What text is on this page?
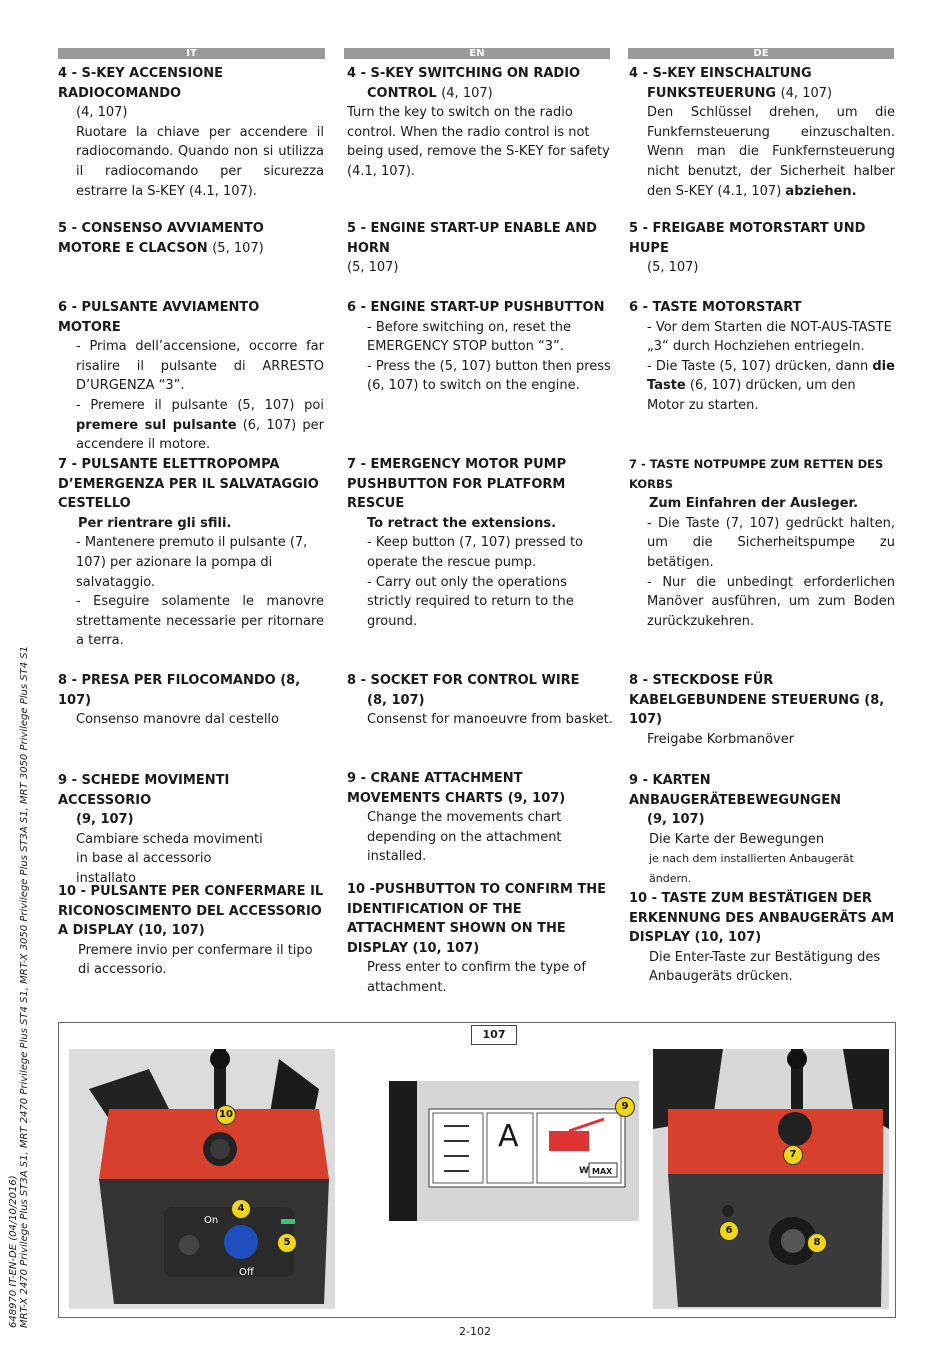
IT	EN	DE

4 - S-KEY ACCENSIONE RADIOCOMANDO

(4, 107)

Ruotare la chiave per accendere il radiocomando. Quando non si utilizza il radiocomando per sicurezza estrarre la S-KEY (4.1, 107).

5 - CONSENSO AVVIAMENTO MOTORE E CLACSON (5, 107)

6 - PULSANTE AVVIAMENTO MOTORE

- Prima dell’accensione, occorre far risalire il pulsante di ARRESTO D’URGENZA “3”.

- Premere il pulsante (5, 107) poi premere sul pulsante (6, 107) per accendere il motore.

7 - PULSANTE ELETTROPOMPA D’EMERGENZA PER IL SALVATAGGIO CESTELLO

Per rientrare gli sfili.

- Mantenere premuto il pulsante (7, 107) per azionare la pompa di salvataggio.

- Eseguire solamente le manovre strettamente necessarie per ritornare a terra.

8 - PRESA PER FILOCOMANDO (8, 107)

Consenso manovre dal cestello

9 - SCHEDE MOVIMENTI ACCESSORIO

(9, 107)

Cambiare scheda movimenti in base al accessorio installato

10 - PULSANTE PER CONFERMARE IL RICONOSCIMENTO DEL ACCESSORIO A DISPLAY (10, 107)

Premere invio per confermare il tipo di accessorio.

4 - S-KEY SWITCHING ON RADIO

CONTROL (4, 107)

Turn the key to switch on the radio control. When the radio control is not being used, remove the S-KEY for safety (4.1, 107).

5 - ENGINE START-UP ENABLE AND HORN

(5, 107)

6 - ENGINE START-UP PUSHBUTTON

- Before switching on, reset the EMERGENCY STOP button “3”.

- Press the (5, 107) button then press (6, 107) to switch on the engine.

7 - EMERGENCY MOTOR PUMP PUSHBUTTON FOR PLATFORM RESCUE

To retract the extensions.

- Keep button (7, 107) pressed to operate the rescue pump.

- Carry out only the operations strictly required to return to the ground.

8 - SOCKET FOR CONTROL WIRE

(8, 107)

Consenst for manoeuvre from basket.

9 - CRANE ATTACHMENT MOVEMENTS CHARTS (9, 107)

Change the movements chart depending on the attachment installed.

10 -PUSHBUTTON TO CONFIRM THE IDENTIFICATION OF THE ATTACHMENT SHOWN ON THE DISPLAY (10, 107)

Press enter to confirm the type of attachment.

4 - S-KEY EINSCHALTUNG

FUNKSTEUERUNG (4, 107)

Den Schlüssel drehen, um die Funkfernsteuerung einzuschalten. Wenn man die Funkfernsteuerung nicht benutzt, der Sicherheit halber den S-KEY (4.1, 107) abziehen.

5 - FREIGABE MOTORSTART UND HUPE

(5, 107)

6 - TASTE MOTORSTART

- Vor dem Starten die NOT-AUS-TASTE „3“ durch Hochziehen entriegeln.

- Die Taste (5, 107) drücken, dann die Taste (6, 107) drücken, um den Motor zu starten.

7 - TASTE NOTPUMPE ZUM RETTEN DES KORBS

Zum Einfahren der Ausleger.

- Die Taste (7, 107) gedrückt halten, um die Sicherheitspumpe zu betätigen.

- Nur die unbedingt erforderlichen Manöver ausführen, um zum Boden zurückzukehren.

8 - STECKDOSE FÜR KABELGEBUNDENE STEUERUNG (8, 107)

Freigabe Korbmanöver

9 - KARTEN ANBAUGERÄTEBEWEGUNGEN

(9, 107)

Die Karte der Bewegungen

je nach dem installierten Anbaugerät ändern.

10 - TASTE ZUM BESTÄTIGEN DER ERKENNUNG DES ANBAUGERÄTS AM DISPLAY (10, 107)

Die Enter-Taste zur Bestätigung des Anbaugeräts drücken.

648970 IT-EN-DE (04/10/2016) MRT-X 2470 Privilege Plus ST3A S1, MRT 2470 Privilege Plus ST4 S1, MRT-X 3050 Privilege Plus ST3A S1, MRT 3050 Privilege Plus ST4 S1	107
10
4
5
On
Off
A
W MAX
9
7
6
8
2-102
